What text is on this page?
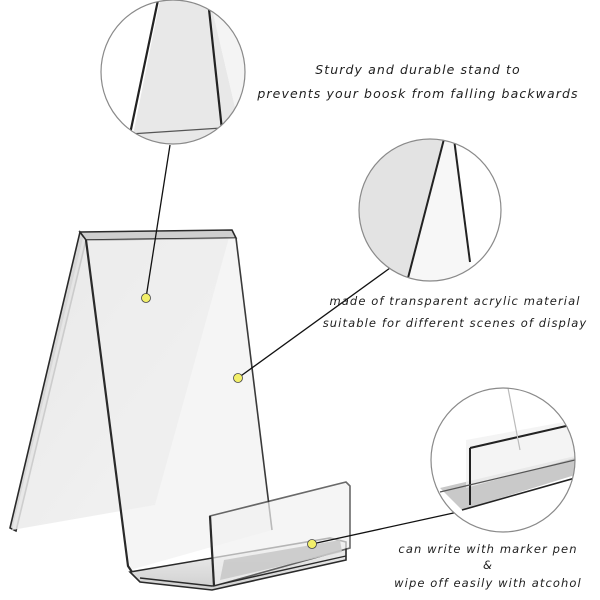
Sturdy and durable stand to

prevents your boosk from falling backwards

made of transparent acrylic material

suitable for different scenes of display

can write with marker pen

&

wipe off easily with atcohol
